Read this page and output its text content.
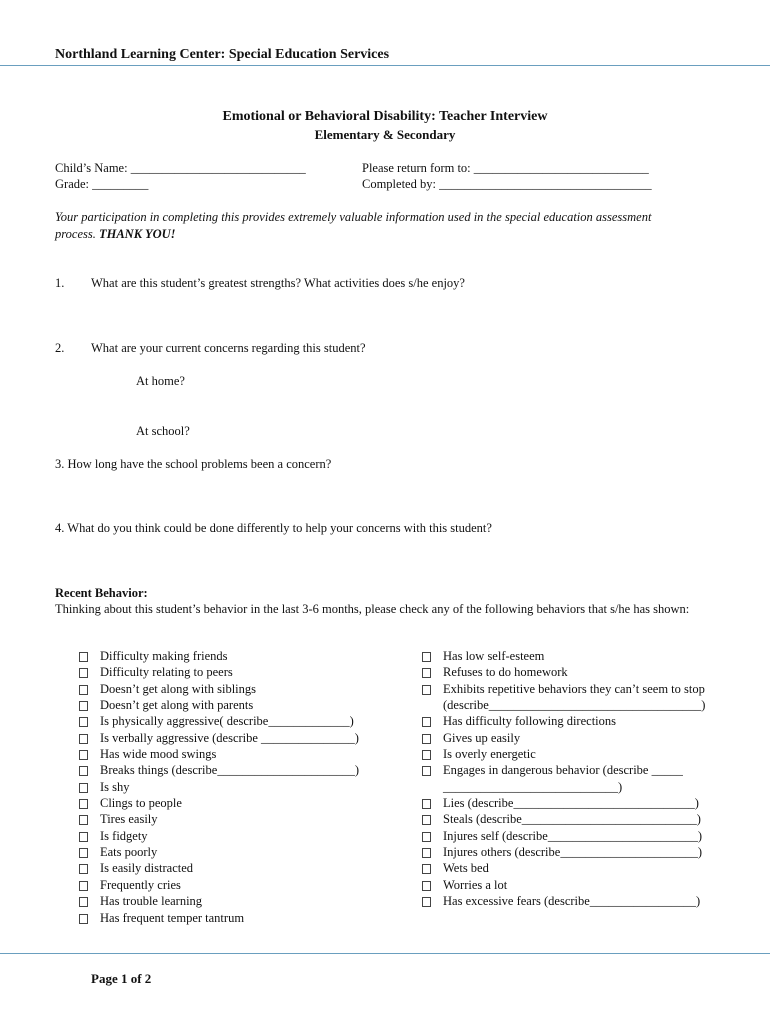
Northland Learning Center: Special Education Services
Emotional or Behavioral Disability: Teacher Interview
Elementary & Secondary
Child’s Name: ____________________________
Grade: _________
Please return form to: ____________________________
Completed by: __________________________________
Your participation in completing this provides extremely valuable information used in the special education assessment process. THANK YOU!
1. What are this student’s greatest strengths? What activities does s/he enjoy?
2. What are your current concerns regarding this student?
At home?
At school?
3. How long have the school problems been a concern?
4. What do you think could be done differently to help your concerns with this student?
Recent Behavior:
Thinking about this student’s behavior in the last 3-6 months, please check any of the following behaviors that s/he has shown:
Difficulty making friends
Difficulty relating to peers
Doesn’t get along with siblings
Doesn’t get along with parents
Is physically aggressive( describe_____________)
Is verbally aggressive (describe _______________)
Has wide mood swings
Breaks things (describe______________________)
Is shy
Clings to people
Tires easily
Is fidgety
Eats poorly
Is easily distracted
Frequently cries
Has trouble learning
Has frequent temper tantrum
Has low self-esteem
Refuses to do homework
Exhibits repetitive behaviors they can’t seem to stop
(describe__________________________________)
Has difficulty following directions
Gives up easily
Is overly energetic
Engages in dangerous behavior (describe _____
____________________________)
Lies (describe_____________________________)
Steals (describe____________________________)
Injures self (describe________________________)
Injures others (describe______________________)
Wets bed
Worries a lot
Has excessive fears (describe_________________)
Page 1 of 2
